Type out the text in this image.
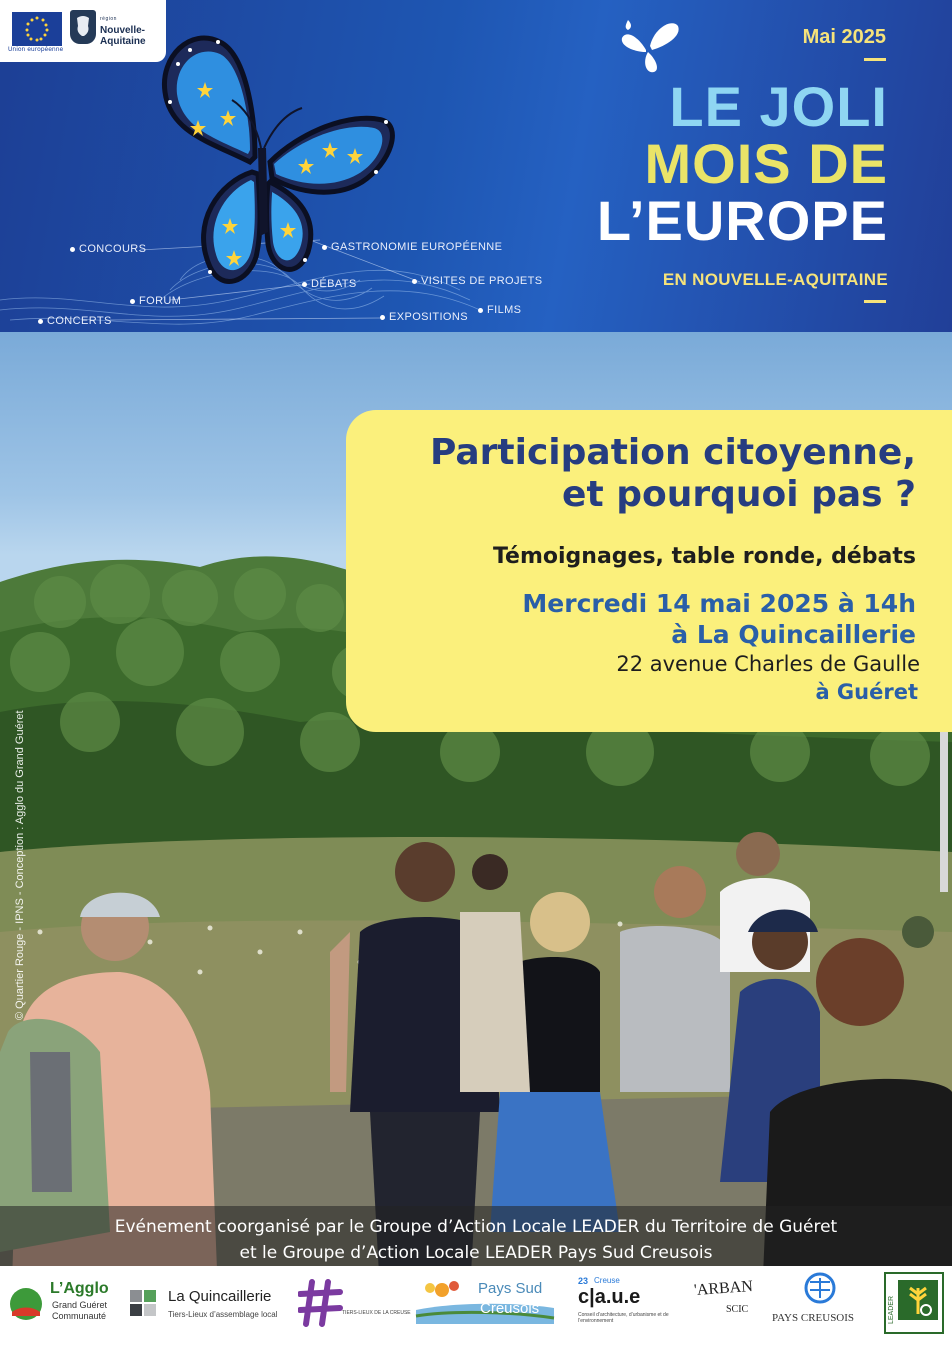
Union européenne
région
Nouvelle-
Aquitaine
CONCOURS	GASTRONOMIE EUROPÉENNE
DÉBATS	VISITES DE PROJETS
FORUM
FILMS
CONCERTS	EXPOSITIONS
Mai 2025
LE JOLI
MOIS DE
L’EUROPE
EN NOUVELLE-AQUITAINE
© Quartier Rouge - IPNS - Conception : Agglo du Grand Guéret
Participation citoyenne,
et pourquoi pas ?
Témoignages, table ronde, débats
Mercredi 14 mai 2025 à 14h
à La Quincaillerie
22 avenue Charles de Gaulle
à Guéret
Evénement coorganisé par le Groupe d’Action Locale LEADER du Territoire de Guéret
et le Groupe d’Action Locale LEADER Pays Sud Creusois
L’Agglo
Grand Guéret
Communauté
La Quincaillerie
Tiers-Lieux d’assemblage local	TIERS-LIEUX DE LA CREUSE
Pays Sud
Creusois
23 Creuse
c|a.u.e
Conseil d’architecture, d’urbanisme et de l’environnement
'ARBAN
SCIC
PAYS CREUSOIS	LEADER
